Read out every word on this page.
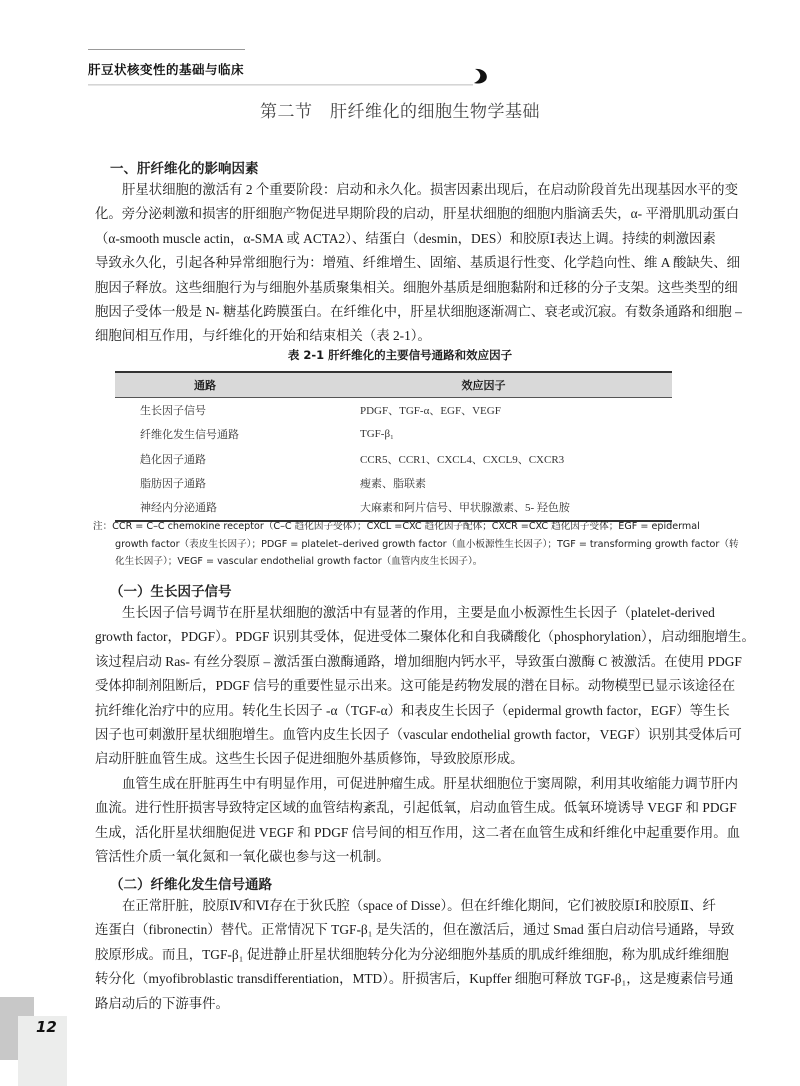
肝豆状核变性的基础与临床
第二节　肝纤维化的细胞生物学基础
一、肝纤维化的影响因素
肝星状细胞的激活有 2 个重要阶段：启动和永久化。损害因素出现后，在启动阶段首先出现基因水平的变
化。旁分泌刺激和损害的肝细胞产物促进早期阶段的启动，肝星状细胞的细胞内脂滴丢失，α- 平滑肌肌动蛋白
（α-smooth muscle actin，α-SMA 或 ACTA2）、结蛋白（desmin，DES）和胶原Ⅰ表达上调。持续的刺激因素
导致永久化，引起各种异常细胞行为：增殖、纤维增生、固缩、基质退行性变、化学趋向性、维 A 酸缺失、细
胞因子释放。这些细胞行为与细胞外基质聚集相关。细胞外基质是细胞黏附和迁移的分子支架。这些类型的细
胞因子受体一般是 N- 糖基化跨膜蛋白。在纤维化中，肝星状细胞逐渐凋亡、衰老或沉寂。有数条通路和细胞 –
细胞间相互作用，与纤维化的开始和结束相关（表 2-1）。
表 2-1 肝纤维化的主要信号通路和效应因子
通路	效应因子
生长因子信号	PDGF、TGF-α、EGF、VEGF
纤维化发生信号通路	TGF-β₁
趋化因子通路	CCR5、CCR1、CXCL4、CXCL9、CXCR3
脂肪因子通路	瘦素、脂联素
神经内分泌通路	大麻素和阿片信号、甲状腺激素、5- 羟色胺
注：CCR = C–C chemokine receptor（C–C 趋化因子受体）；CXCL =CXC 趋化因子配体；CXCR =CXC 趋化因子受体；EGF = epidermal
growth factor（表皮生长因子）；PDGF = platelet–derived growth factor（血小板源性生长因子）；TGF = transforming growth factor（转
化生长因子）；VEGF = vascular endothelial growth factor（血管内皮生长因子）。
（一）生长因子信号
生长因子信号调节在肝星状细胞的激活中有显著的作用，主要是血小板源性生长因子（platelet-derived
growth factor，PDGF）。PDGF 识别其受体，促进受体二聚体化和自我磷酸化（phosphorylation），启动细胞增生。
该过程启动 Ras- 有丝分裂原 – 激活蛋白激酶通路，增加细胞内钙水平，导致蛋白激酶 C 被激活。在使用 PDGF
受体抑制剂阻断后，PDGF 信号的重要性显示出来。这可能是药物发展的潜在目标。动物模型已显示该途径在
抗纤维化治疗中的应用。转化生长因子 -α（TGF-α）和表皮生长因子（epidermal growth factor，EGF）等生长
因子也可刺激肝星状细胞增生。血管内皮生长因子（vascular endothelial growth factor，VEGF）识别其受体后可
启动肝脏血管生成。这些生长因子促进细胞外基质修饰，导致胶原形成。
血管生成在肝脏再生中有明显作用，可促进肿瘤生成。肝星状细胞位于窦周隙，利用其收缩能力调节肝内
血流。进行性肝损害导致特定区域的血管结构紊乱，引起低氧，启动血管生成。低氧环境诱导 VEGF 和 PDGF
生成，活化肝星状细胞促进 VEGF 和 PDGF 信号间的相互作用，这二者在血管生成和纤维化中起重要作用。血
管活性介质一氧化氮和一氧化碳也参与这一机制。
（二）纤维化发生信号通路
在正常肝脏，胶原Ⅳ和Ⅵ存在于狄氏腔（space of Disse）。但在纤维化期间，它们被胶原Ⅰ和胶原Ⅱ、纤
连蛋白（fibronectin）替代。正常情况下 TGF-β₁ 是失活的，但在激活后，通过 Smad 蛋白启动信号通路，导致
胶原形成。而且，TGF-β₁ 促进静止肝星状细胞转分化为分泌细胞外基质的肌成纤维细胞，称为肌成纤维细胞
转分化（myofibroblastic transdifferentiation，MTD）。肝损害后，Kupffer 细胞可释放 TGF-β₁，这是瘦素信号通
路启动后的下游事件。
12
